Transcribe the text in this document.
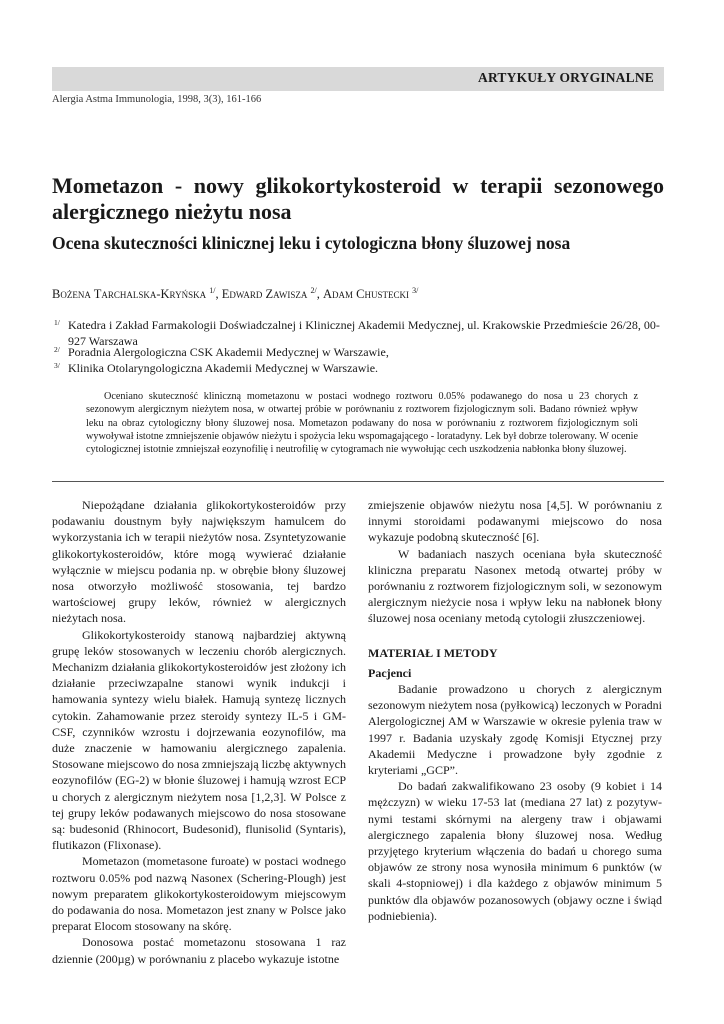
ARTYKUŁY ORYGINALNE
Alergia Astma Immunologia, 1998, 3(3), 161-166
Mometazon - nowy glikokortykosteroid w terapii sezonowego alergicznego nieżytu nosa
Ocena skuteczności klinicznej leku i cytologiczna błony śluzowej nosa
Bożena Tarchalska-Kryńska $^{1/}$, Edward Zawisza $^{2/}$, Adam Chustecki $^{3/}$
1/ Katedra i Zakład Farmakologii Doświadczalnej i Klinicznej Akademii Medycznej, ul. Krakowskie Przedmieście 26/28, 00-927 Warszawa
2/ Poradnia Alergologiczna CSK Akademii Medycznej w Warszawie,
3/ Klinika Otolaryngologiczna Akademii Medycznej w Warszawie.

Oceniano skuteczność kliniczną mometazonu w postaci wodnego roztworu 0.05% podawanego do nosa u 23 chorych z sezonowym alergicznym nieżytem nosa, w otwartej próbie w porównaniu z roztworem fizjologicznym soli. Badano również wpływ leku na obraz cytologiczny błony śluzowej nosa. Mometazon podawany do nosa w porównaniu z roztworem fizjologicznym soli wywoływał istotne zmniejszenie objawów nieżytu i spożycia leku wspomagającego - loratadyny. Lek był dobrze tolerowany. W ocenie cytologicznej istotnie zmniejszał eozynofilię i neutrofilię w cytogramach nie wywołując cech uszkodzenia nabłonka błony śluzowej.

Niepożądane działania glikokortykosteroidów przy podawaniu doustnym były największym hamulcem do wykorzystania ich w terapii nieżytów nosa. Zsyntetyzowanie glikokortykosteroidów, które mogą wywierać działanie wyłącznie w miejscu podania np. w obrębie błony śluzowej nosa otworzyło możliwość stosowania, tej bardzo wartościowej grupy leków, również w alergicznych nieżytach nosa.

Glikokortykosteroidy stanową najbardziej aktywną grupę leków stosowanych w leczeniu chorób alergicznych. Mechanizm działania glikokortykosteroidów jest złożony ich działanie przeciwzapalne stanowi wynik indukcji i hamowania syntezy wielu białek. Hamują syntezę licznych cytokin. Zahamowanie przez steroidy syntezy IL-5 i GM-CSF, czynników wzrostu i dojrzewania eozynofilów, ma duże znaczenie w hamowaniu alergicznego zapalenia. Stosowane miejscowo do nosa zmniejszają liczbę aktywnych eozynofilów (EG-2) w błonie śluzowej i hamują wzrost ECP u chorych z alergicznym nieżytem nosa [1,2,3]. W Polsce z tej grupy leków podawanych miejscowo do nosa stosowane są: budesonid (Rhinocort, Budesonid), flunisolid (Syntaris), flutikazon (Flixonase).

Mometazon (mometasone furoate) w postaci wodnego roztworu 0.05% pod nazwą Nasonex (Schering-Plough) jest nowym preparatem glikokortykosteroidowym miejscowym do podawania do nosa. Mometazon jest znany w Polsce jako preparat Elocom stosowany na skórę.

Donosowa postać mometazonu stosowana 1 raz dziennie (200µg) w porównaniu z placebo wykazuje istotne

zmiejszenie objawów nieżytu nosa [4,5]. W porównaniu z innymi storoidami podawanymi miejscowo do nosa wykazuje podobną skuteczność [6].

W badaniach naszych oceniana była skuteczność kliniczna preparatu Nasonex metodą otwartej próby w porównaniu z roztworem fizjologicznym soli, w sezonowym alergicznym nieżycie nosa i wpływ leku na nabłonek błony śluzowej nosa oceniany metodą cytologii złuszczeniowej.

MATERIAŁ I METODY
Pacjenci

Badanie prowadzono u chorych z alergicznym sezonowym nieżytem nosa (pyłkowicą) leczonych w Poradni Alergologicznej AM w Warszawie w okresie pylenia traw w 1997 r. Badania uzyskały zgodę Komisji Etycznej przy Akademii Medyczne i prowadzone były zgodnie z kryteriami „GCP”.

Do badań zakwalifikowano 23 osoby (9 kobiet i 14 mężczyzn) w wieku 17-53 lat (mediana 27 lat) z pozytyw-nymi testami skórnymi na alergeny traw i objawami alergicznego zapalenia błony śluzowej nosa. Według przyjętego kryterium włączenia do badań u chorego suma objawów ze strony nosa wynosiła minimum 6 punktów (w skali 4-stopniowej) i dla każdego z objawów minimum 5 punktów dla objawów pozanosowych (objawy oczne i świąd podniebienia).
